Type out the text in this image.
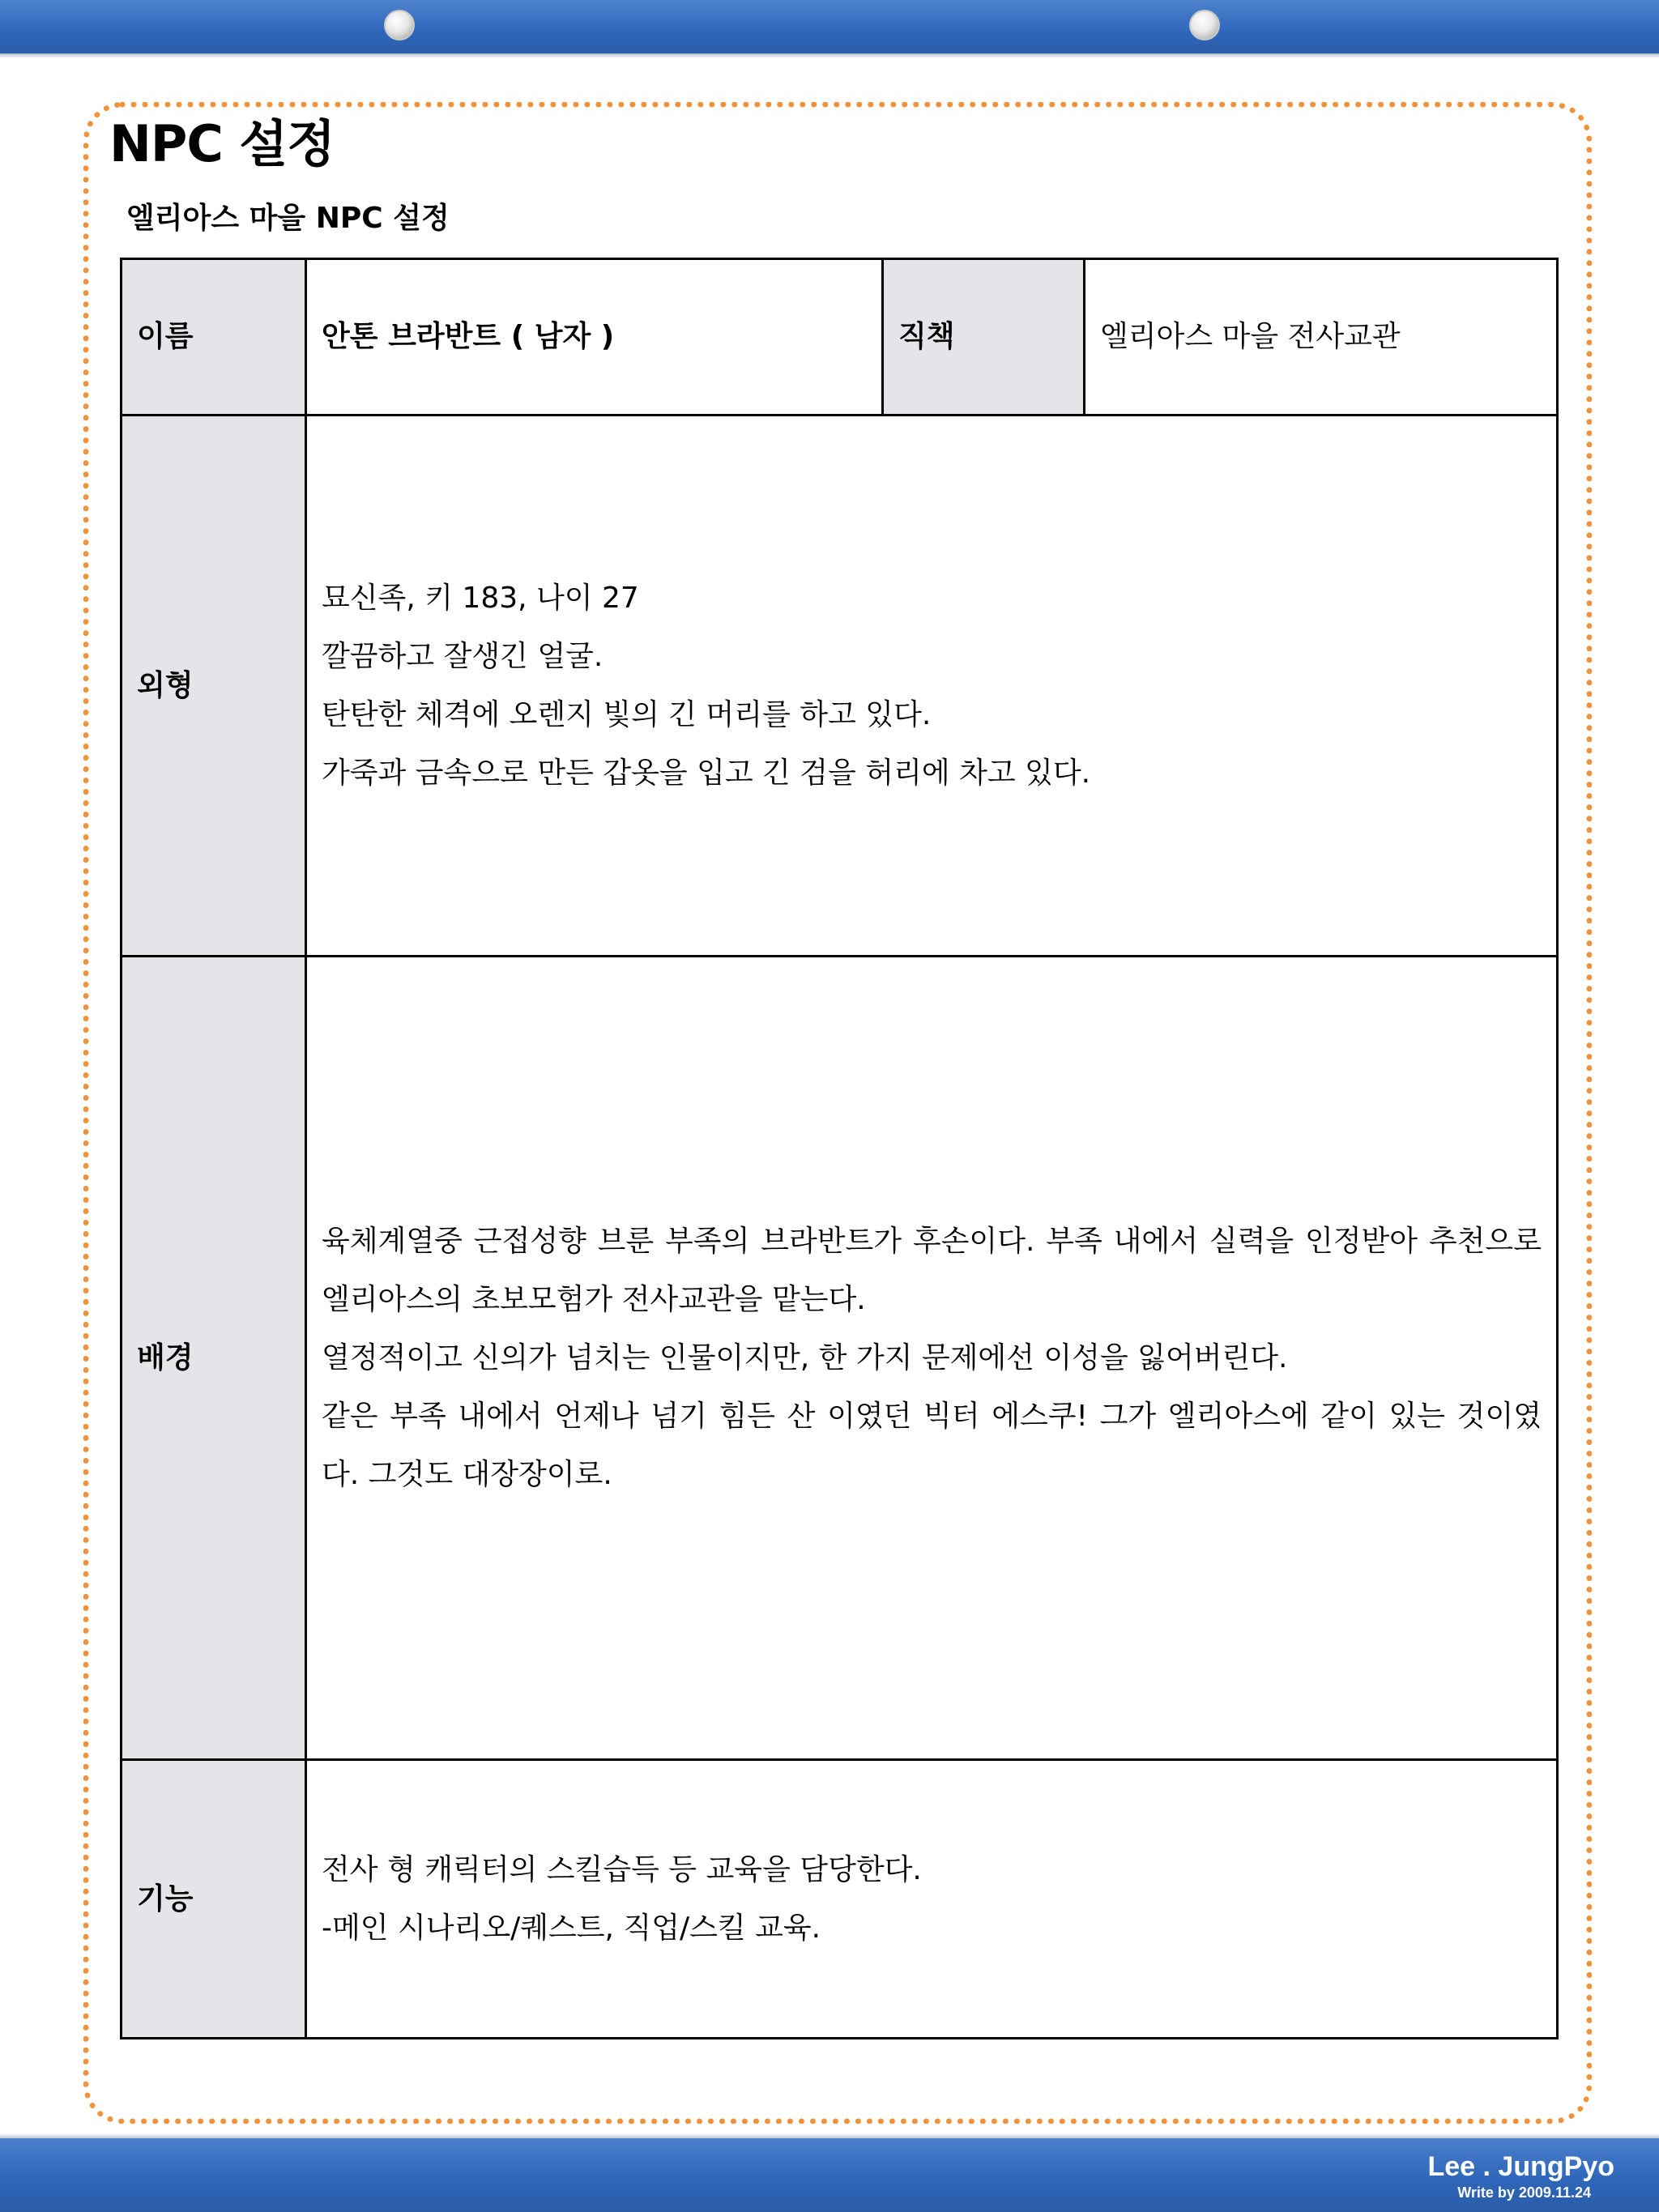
NPC 설정
엘리아스 마을 NPC 설정
이름	안톤 브라반트 ( 남자 )	직책	엘리아스 마을 전사교관
외형	묘신족, 키 183, 나이 27
깔끔하고 잘생긴 얼굴.
탄탄한 체격에 오렌지 빛의 긴 머리를 하고 있다.
가죽과 금속으로 만든 갑옷을 입고 긴 검을 허리에 차고 있다.		

배경	육체계열중 근접성향 브룬 부족의 브라반트가 후손이다. 부족 내에서 실력을 인정받아 추천으로 엘리아스의 초보모험가 전사교관을 맡는다.
열정적이고 신의가 넘치는 인물이지만, 한 가지 문제에선 이성을 잃어버린다.
같은 부족 내에서 언제나 넘기 힘든 산 이였던 빅터 에스쿠! 그가 엘리아스에 같이 있는 것이였다. 그것도 대장장이로.		

기능	전사 형 캐릭터의 스킬습득 등 교육을 담당한다.
-메인 시나리오/퀘스트, 직업/스킬 교육.		

Lee . JungPyo

Write by 2009.11.24
